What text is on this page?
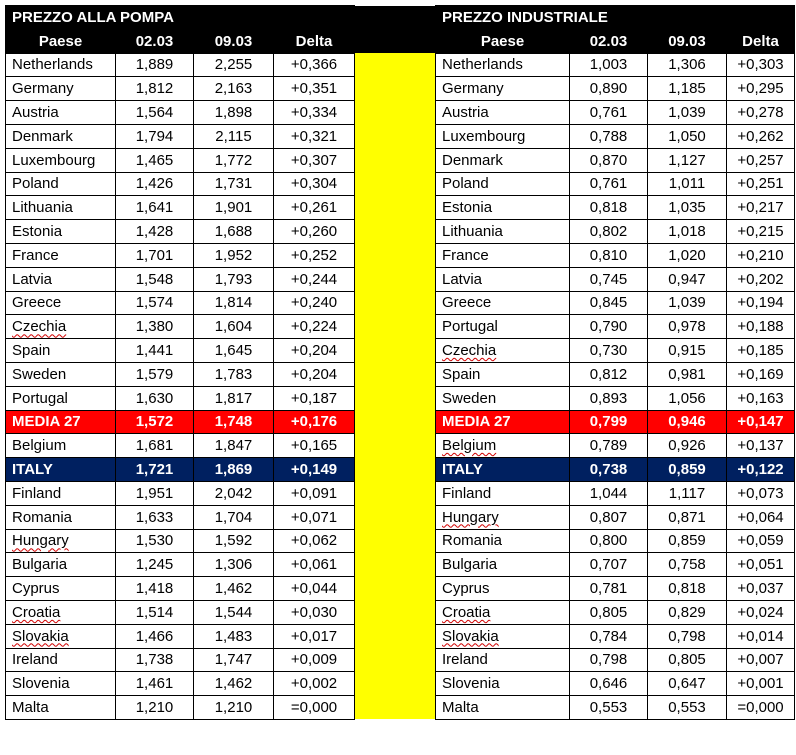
PREZZO ALLA POMPA					PREZZO INDUSTRIALE			
Paese	02.03	09.03	Delta		Paese	02.03	09.03	Delta
Netherlands	1,889	2,255	+0,366		Netherlands	1,003	1,306	+0,303
Germany	1,812	2,163	+0,351		Germany	0,890	1,185	+0,295
Austria	1,564	1,898	+0,334		Austria	0,761	1,039	+0,278
Denmark	1,794	2,115	+0,321		Luxembourg	0,788	1,050	+0,262
Luxembourg	1,465	1,772	+0,307		Denmark	0,870	1,127	+0,257
Poland	1,426	1,731	+0,304		Poland	0,761	1,011	+0,251
Lithuania	1,641	1,901	+0,261		Estonia	0,818	1,035	+0,217
Estonia	1,428	1,688	+0,260		Lithuania	0,802	1,018	+0,215
France	1,701	1,952	+0,252		France	0,810	1,020	+0,210
Latvia	1,548	1,793	+0,244		Latvia	0,745	0,947	+0,202
Greece	1,574	1,814	+0,240		Greece	0,845	1,039	+0,194
Czechia	1,380	1,604	+0,224		Portugal	0,790	0,978	+0,188
Spain	1,441	1,645	+0,204		Czechia	0,730	0,915	+0,185
Sweden	1,579	1,783	+0,204		Spain	0,812	0,981	+0,169
Portugal	1,630	1,817	+0,187		Sweden	0,893	1,056	+0,163
MEDIA 27	1,572	1,748	+0,176		MEDIA 27	0,799	0,946	+0,147
Belgium	1,681	1,847	+0,165		Belgium	0,789	0,926	+0,137
ITALY	1,721	1,869	+0,149		ITALY	0,738	0,859	+0,122
Finland	1,951	2,042	+0,091		Finland	1,044	1,117	+0,073
Romania	1,633	1,704	+0,071		Hungary	0,807	0,871	+0,064
Hungary	1,530	1,592	+0,062		Romania	0,800	0,859	+0,059
Bulgaria	1,245	1,306	+0,061		Bulgaria	0,707	0,758	+0,051
Cyprus	1,418	1,462	+0,044		Cyprus	0,781	0,818	+0,037
Croatia	1,514	1,544	+0,030		Croatia	0,805	0,829	+0,024
Slovakia	1,466	1,483	+0,017		Slovakia	0,784	0,798	+0,014
Ireland	1,738	1,747	+0,009		Ireland	0,798	0,805	+0,007
Slovenia	1,461	1,462	+0,002		Slovenia	0,646	0,647	+0,001
Malta	1,210	1,210	=0,000		Malta	0,553	0,553	=0,000
